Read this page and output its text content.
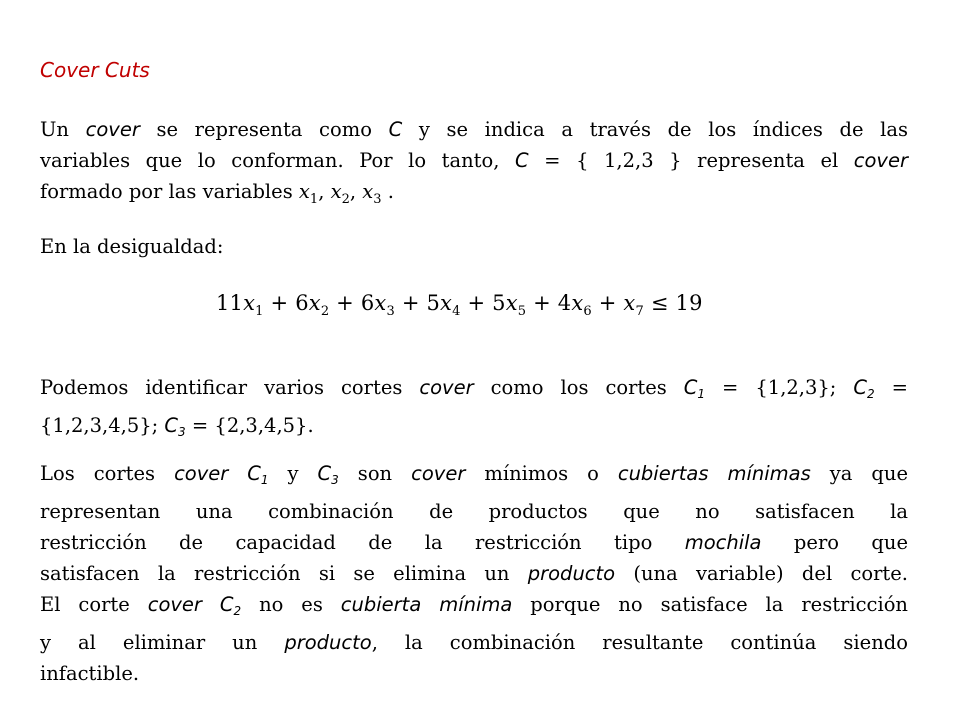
Cover Cuts
Un cover se representa como C y se indica a través de los índices de las
variables que lo conforman. Por lo tanto, C = { 1,2,3 } representa el cover
formado por las variables $x_1$, $x_2$, $x_3$ .
En la desigualdad:
$11x_1 + 6x_2 + 6x_3 + 5x_4 + 5x_5 + 4x_6 + x_7 \le 19$
Podemos identificar varios cortes cover como los cortes $C_1 = \{1,2,3\}$; $C_2$ =
{1,2,3,4,5}; $C_3 = \{2,3,4,5\}$.
Los cortes cover $C_1$ y $C_3$ son cover mínimos o cubiertas mínimas ya que
representan una combinación de productos que no satisfacen la
restricción de capacidad de la restricción tipo mochila pero que
satisfacen la restricción si se elimina un producto (una variable) del corte.
El corte cover $C_2$ no es cubierta mínima porque no satisface la restricción
y al eliminar un producto, la combinación resultante continúa siendo
infactible.
